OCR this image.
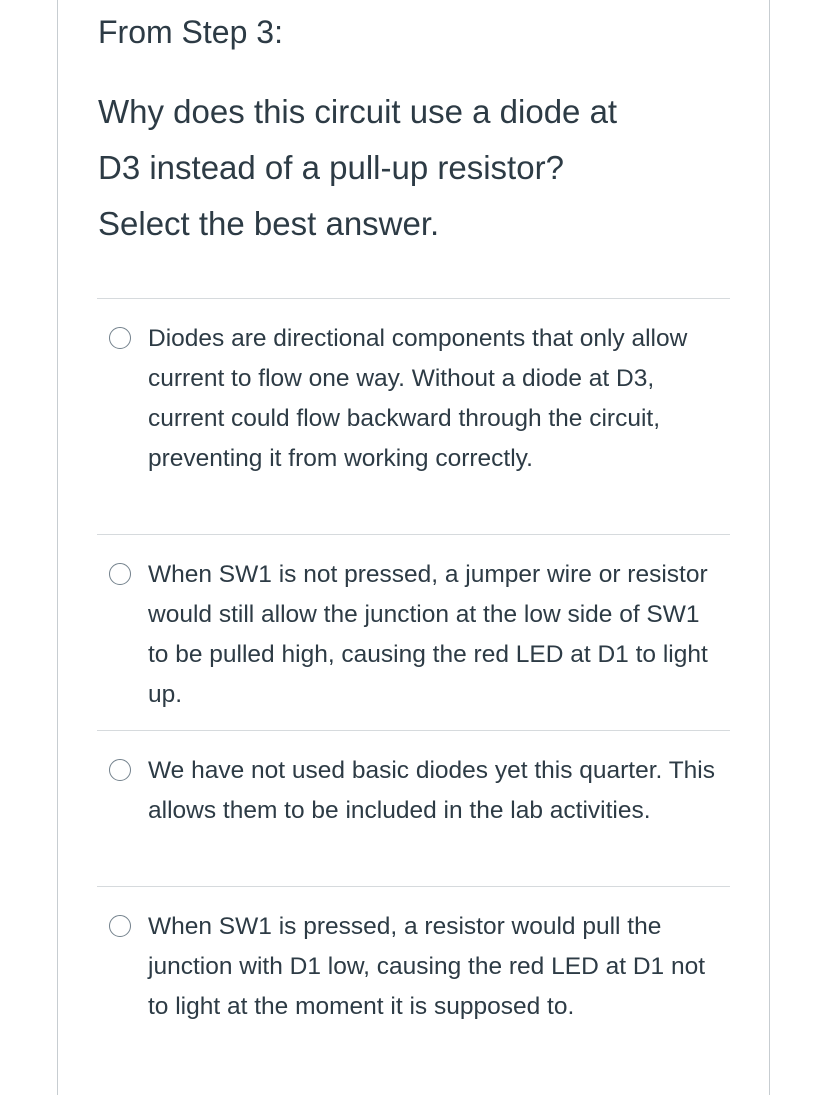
From Step 3:
Why does this circuit use a diode at
D3 instead of a pull-up resistor?
Select the best answer.
Diodes are directional components that only allow current to flow one way. Without a diode at D3, current could flow backward through the circuit, preventing it from working correctly.
When SW1 is not pressed, a jumper wire or resistor would still allow the junction at the low side of SW1 to be pulled high, causing the red LED at D1 to light up.
We have not used basic diodes yet this quarter. This allows them to be included in the lab activities.
When SW1 is pressed, a resistor would pull the junction with D1 low, causing the red LED at D1 not to light at the moment it is supposed to.
